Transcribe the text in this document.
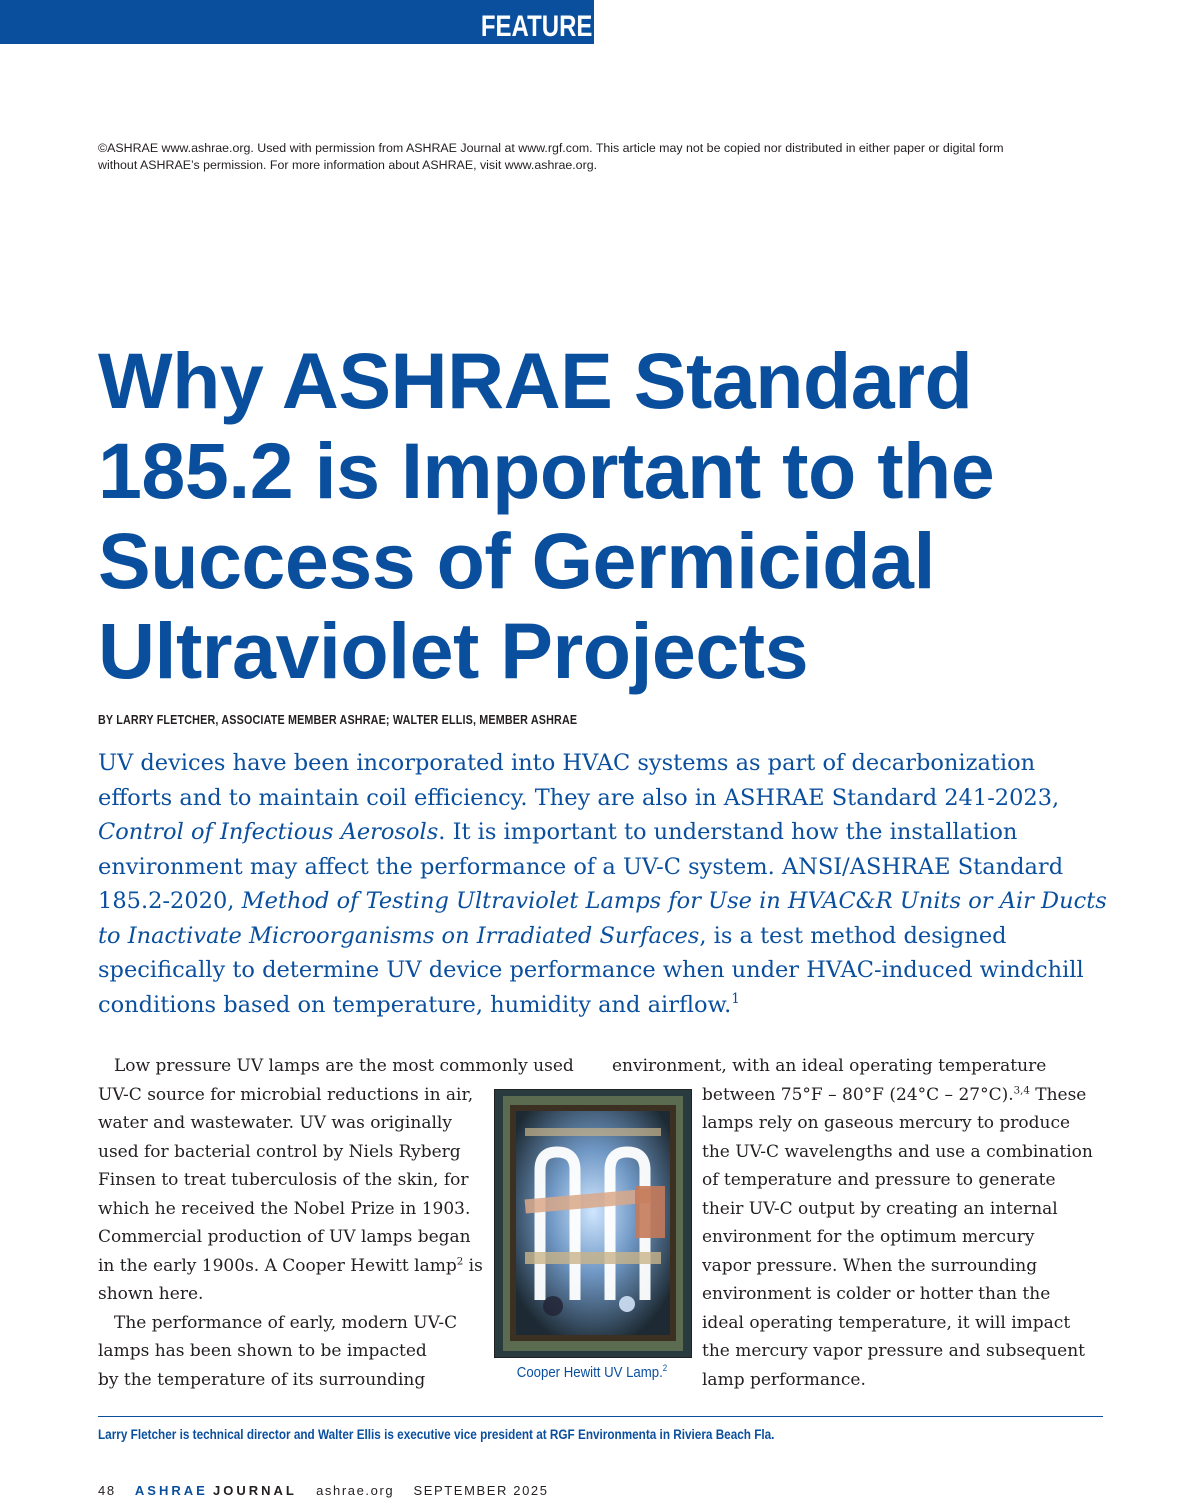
FEATURE
©ASHRAE www.ashrae.org. Used with permission from ASHRAE Journal at www.rgf.com. This article may not be copied nor distributed in either paper or digital form
without ASHRAE’s permission. For more information about ASHRAE, visit www.ashrae.org.
Why ASHRAE Standard
185.2 is Important to the
Success of Germicidal
Ultraviolet Projects
BY LARRY FLETCHER, ASSOCIATE MEMBER ASHRAE; WALTER ELLIS, MEMBER ASHRAE
UV devices have been incorporated into HVAC systems as part of decarbonization efforts and to maintain coil efficiency. They are also in ASHRAE Standard 241-2023, Control of Infectious Aerosols. It is important to understand how the installation environment may affect the performance of a UV-C system. ANSI/ASHRAE Standard 185.2-2020, Method of Testing Ultraviolet Lamps for Use in HVAC&R Units or Air Ducts to Inactivate Microorganisms on Irradiated Surfaces, is a test method designed specifically to determine UV device performance when under HVAC-induced windchill conditions based on temperature, humidity and airflow.$^1$
Low pressure UV lamps are the most commonly used
UV-C source for microbial reductions in air,
water and wastewater. UV was originally
used for bacterial control by Niels Ryberg
Finsen to treat tuberculosis of the skin, for
which he received the Nobel Prize in 1903.
Commercial production of UV lamps began
in the early 1900s. A Cooper Hewitt lamp$^2$ is
shown here.
The performance of early, modern UV-C
lamps has been shown to be impacted
by the temperature of its surrounding
environment, with an ideal operating temperature
between 75°F – 80°F (24°C – 27°C).$^{3,4}$ These
lamps rely on gaseous mercury to produce
the UV-C wavelengths and use a combination
of temperature and pressure to generate
their UV-C output by creating an internal
environment for the optimum mercury
vapor pressure. When the surrounding
environment is colder or hotter than the
ideal operating temperature, it will impact
the mercury vapor pressure and subsequent
lamp performance.
Cooper Hewitt UV Lamp.$^2$
Larry Fletcher is technical director and Walter Ellis is executive vice president at RGF Environmenta in Riviera Beach Fla.
48 ASHRAE JOURNAL ashrae.org SEPTEMBER 2025
